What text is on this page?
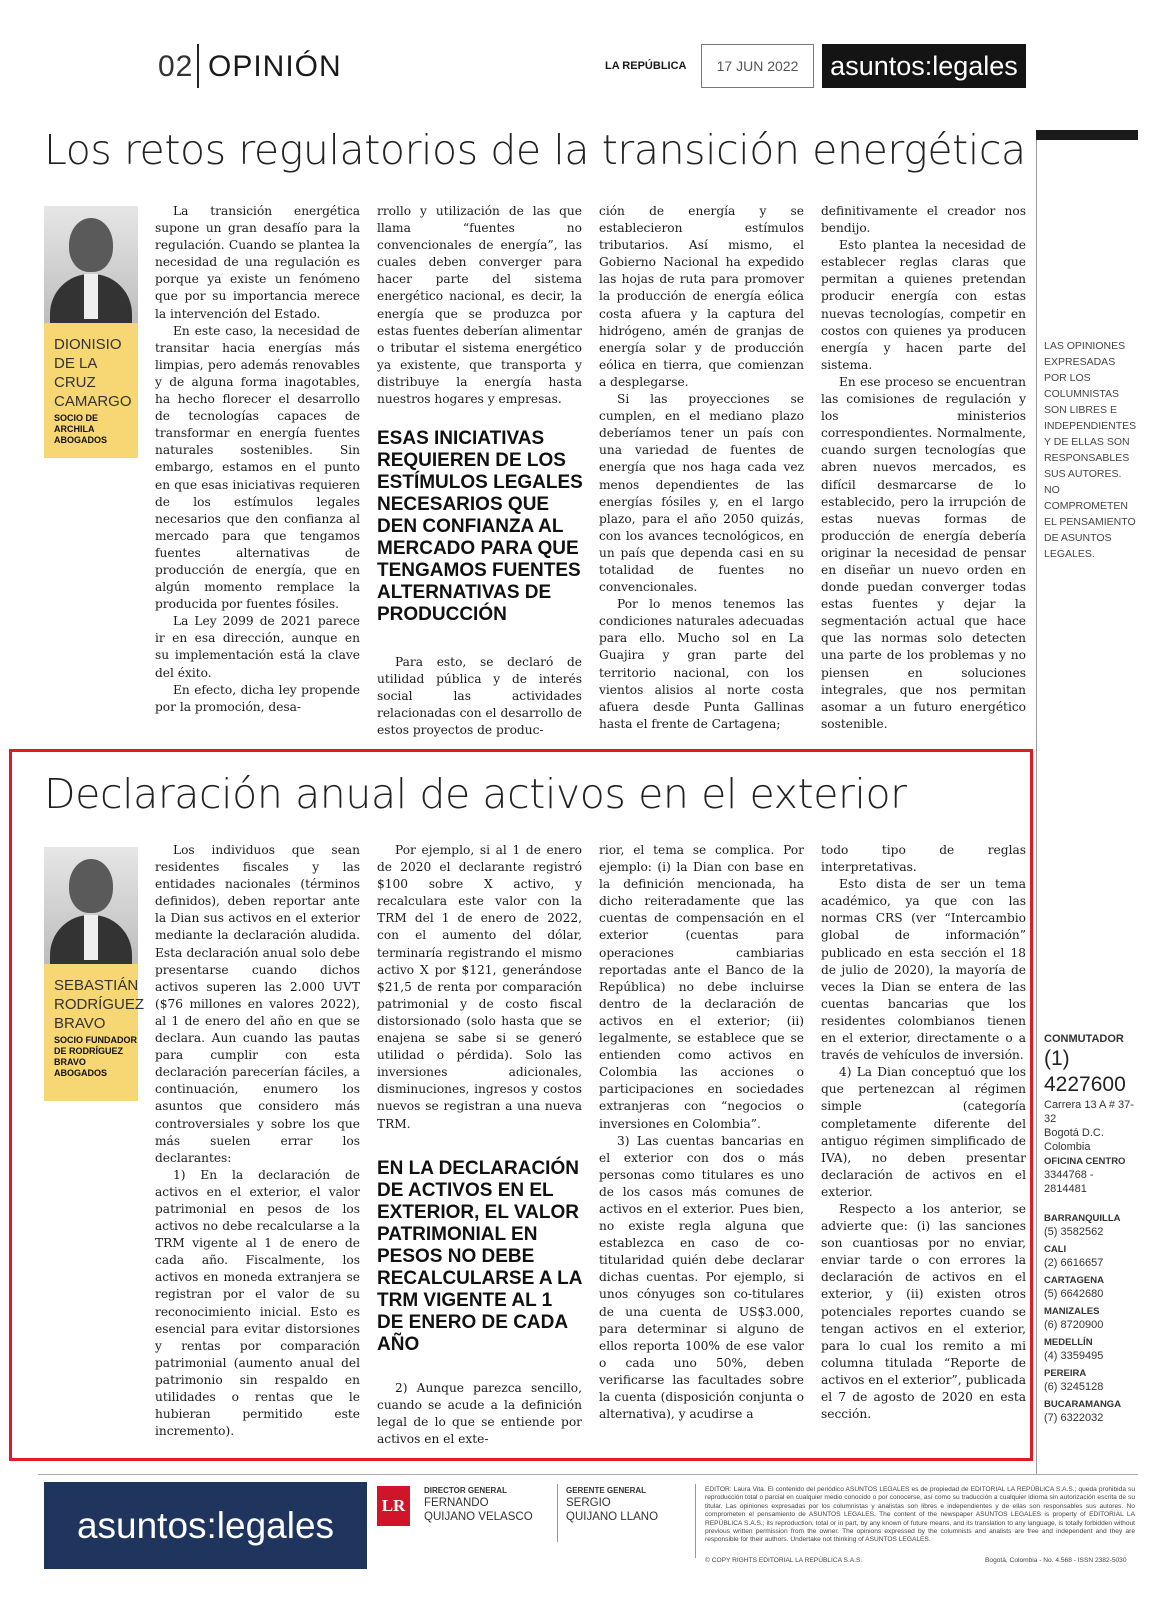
02 OPINIÓN	LA REPÚBLICA	17 JUN 2022	asuntos:legales
LAS OPINIONES EXPRESADAS POR LOS COLUMNISTAS SON LIBRES E INDEPENDIENTES Y DE ELLAS SON RESPONSABLES SUS AUTORES. NO COMPROMETEN EL PENSAMIENTO DE ASUNTOS LEGALES.
CONMUTADOR
(1) 4227600
Carrera 13 A # 37-32
Bogotá D.C.
Colombia
OFICINA CENTRO
3344768 - 2814481
BARRANQUILLA
(5) 3582562
CALI
(2) 6616657
CARTAGENA
(5) 6642680
MANIZALES
(6) 8720900
MEDELLÍN
(4) 3359495
PEREIRA
(6) 3245128
BUCARAMANGA
(7) 6322032
Los retos regulatorios de la transición energética
DIONISIO DE LA CRUZ CAMARGO
SOCIO DE ARCHILA ABOGADOS

La transición energética supone un gran desafío para la regulación. Cuando se plantea la necesidad de una regulación es porque ya existe un fenómeno que por su importancia merece la intervención del Estado.

En este caso, la necesidad de transitar hacia energías más limpias, pero además renovables y de alguna forma inagotables, ha hecho florecer el desarrollo de tecnologías capaces de transformar en energía fuentes naturales sostenibles. Sin embargo, estamos en el punto en que esas iniciativas requieren de los estímulos legales necesarios que den confianza al mercado para que tengamos fuentes alternativas de producción de energía, que en algún momento remplace la producida por fuentes fósiles.

La Ley 2099 de 2021 parece ir en esa dirección, aunque en su implementación está la clave del éxito.

En efecto, dicha ley propende por la promoción, desa-

rrollo y utilización de las que llama “fuentes no convencionales de energía”, las cuales deben converger para hacer parte del sistema energético nacional, es decir, la energía que se produzca por estas fuentes deberían alimentar o tributar el sistema energético ya existente, que transporta y distribuye la energía hasta nuestros hogares y empresas.

ESAS INICIATIVAS REQUIEREN DE LOS ESTÍMULOS LEGALES NECESARIOS QUE DEN CONFIANZA AL MERCADO PARA QUE TENGAMOS FUENTES ALTERNATIVAS DE PRODUCCIÓN

Para esto, se declaró de utilidad pública y de interés social las actividades relacionadas con el desarrollo de estos proyectos de produc-

ción de energía y se establecieron estímulos tributarios. Así mismo, el Gobierno Nacional ha expedido las hojas de ruta para promover la producción de energía eólica costa afuera y la captura del hidrógeno, amén de granjas de energía solar y de producción eólica en tierra, que comienzan a desplegarse.

Si las proyecciones se cumplen, en el mediano plazo deberíamos tener un país con una variedad de fuentes de energía que nos haga cada vez menos dependientes de las energías fósiles y, en el largo plazo, para el año 2050 quizás, con los avances tecnológicos, en un país que dependa casi en su totalidad de fuentes no convencionales.

Por lo menos tenemos las condiciones naturales adecuadas para ello. Mucho sol en La Guajira y gran parte del territorio nacional, con los vientos alisios al norte costa afuera desde Punta Gallinas hasta el frente de Cartagena;

definitivamente el creador nos bendijo.

Esto plantea la necesidad de establecer reglas claras que permitan a quienes pretendan producir energía con estas nuevas tecnologías, competir en costos con quienes ya producen energía y hacen parte del sistema.

En ese proceso se encuentran las comisiones de regulación y los ministerios correspondientes. Normalmente, cuando surgen tecnologías que abren nuevos mercados, es difícil desmarcarse de lo establecido, pero la irrupción de estas nuevas formas de producción de energía debería originar la necesidad de pensar en diseñar un nuevo orden en donde puedan converger todas estas fuentes y dejar la segmentación actual que hace que las normas solo detecten una parte de los problemas y no piensen en soluciones integrales, que nos permitan asomar a un futuro energético sostenible.

Declaración anual de activos en el exterior
SEBASTIÁN RODRÍGUEZ BRAVO
SOCIO FUNDADOR DE RODRÍGUEZ BRAVO ABOGADOS

Los individuos que sean residentes fiscales y las entidades nacionales (términos definidos), deben reportar ante la Dian sus activos en el exterior mediante la declaración aludida. Esta declaración anual solo debe presentarse cuando dichos activos superen las 2.000 UVT ($76 millones en valores 2022), al 1 de enero del año en que se declara. Aun cuando las pautas para cumplir con esta declaración parecerían fáciles, a continuación, enumero los asuntos que considero más controversiales y sobre los que más suelen errar los declarantes:

1) En la declaración de activos en el exterior, el valor patrimonial en pesos de los activos no debe recalcularse a la TRM vigente al 1 de enero de cada año. Fiscalmente, los activos en moneda extranjera se registran por el valor de su reconocimiento inicial. Esto es esencial para evitar distorsiones y rentas por comparación patrimonial (aumento anual del patrimonio sin respaldo en utilidades o rentas que le hubieran permitido este incremento).

Por ejemplo, si al 1 de enero de 2020 el declarante registró $100 sobre X activo, y recalculara este valor con la TRM del 1 de enero de 2022, con el aumento del dólar, terminaría registrando el mismo activo X por $121, generándose $21,5 de renta por comparación patrimonial y de costo fiscal distorsionado (solo hasta que se enajena se sabe si se generó utilidad o pérdida). Solo las inversiones adicionales, disminuciones, ingresos y costos nuevos se registran a una nueva TRM.

EN LA DECLARACIÓN DE ACTIVOS EN EL EXTERIOR, EL VALOR PATRIMONIAL EN PESOS NO DEBE RECALCULARSE A LA TRM VIGENTE AL 1 DE ENERO DE CADA AÑO

2) Aunque parezca sencillo, cuando se acude a la definición legal de lo que se entiende por activos en el exte-

rior, el tema se complica. Por ejemplo: (i) la Dian con base en la definición mencionada, ha dicho reiteradamente que las cuentas de compensación en el exterior (cuentas para operaciones cambiarias reportadas ante el Banco de la República) no debe incluirse dentro de la declaración de activos en el exterior; (ii) legalmente, se establece que se entienden como activos en Colombia las acciones o participaciones en sociedades extranjeras con “negocios o inversiones en Colombia”.

3) Las cuentas bancarias en el exterior con dos o más personas como titulares es uno de los casos más comunes de activos en el exterior. Pues bien, no existe regla alguna que establezca en caso de co-titularidad quién debe declarar dichas cuentas. Por ejemplo, si unos cónyuges son co-titulares de una cuenta de US$3.000, para determinar si alguno de ellos reporta 100% de ese valor o cada uno 50%, deben verificarse las facultades sobre la cuenta (disposición conjunta o alternativa), y acudirse a

todo tipo de reglas interpretativas.

Esto dista de ser un tema académico, ya que con las normas CRS (ver “Intercambio global de información” publicado en esta sección el 18 de julio de 2020), la mayoría de veces la Dian se entera de las cuentas bancarias que los residentes colombianos tienen en el exterior, directamente o a través de vehículos de inversión.

4) La Dian conceptuó que los que pertenezcan al régimen simple (categoría completamente diferente del antiguo régimen simplificado de IVA), no deben presentar declaración de activos en el exterior.

Respecto a los anterior, se advierte que: (i) las sanciones son cuantiosas por no enviar, enviar tarde o con errores la declaración de activos en el exterior, y (ii) existen otros potenciales reportes cuando se tengan activos en el exterior, para lo cual los remito a mi columna titulada “Reporte de activos en el exterior”, publicada el 7 de agosto de 2020 en esta sección.

asuntos:legales	LR
DIRECTOR GENERAL
FERNANDO
QUIJANO VELASCO
GERENTE GENERAL
SERGIO
QUIJANO LLANO
EDITOR: Laura Vita. El contenido del periódico ASUNTOS LEGALES es de propiedad de EDITORIAL LA REPÚBLICA S.A.S.; queda prohibida su reproducción total o parcial en cualquier medio conocido o por conocerse, así como su traducción a cualquier idioma sin autorización escrita de su titular. Las opiniones expresadas por los columnistas y analistas son libres e independientes y de ellas son responsables sus autores. No comprometen el pensamiento de ASUNTOS LEGALES. The content of the newspaper ASUNTOS LEGALES is property of EDITORIAL LA REPÚBLICA S.A.S.; its reproduction, total or in part, by any known of future means, and its translation to any language, is totally forbidden without previous written permission from the owner. The opinions expressed by the columnists and analists are free and independent and they are responsible for their authors. Undertake not thinking of ASUNTOS LEGALES.
© COPY RIGHTS EDITORIAL LA REPÚBLICA S.A.S.	Bogotá, Colombia - No. 4.568 - ISSN 2382-5030
